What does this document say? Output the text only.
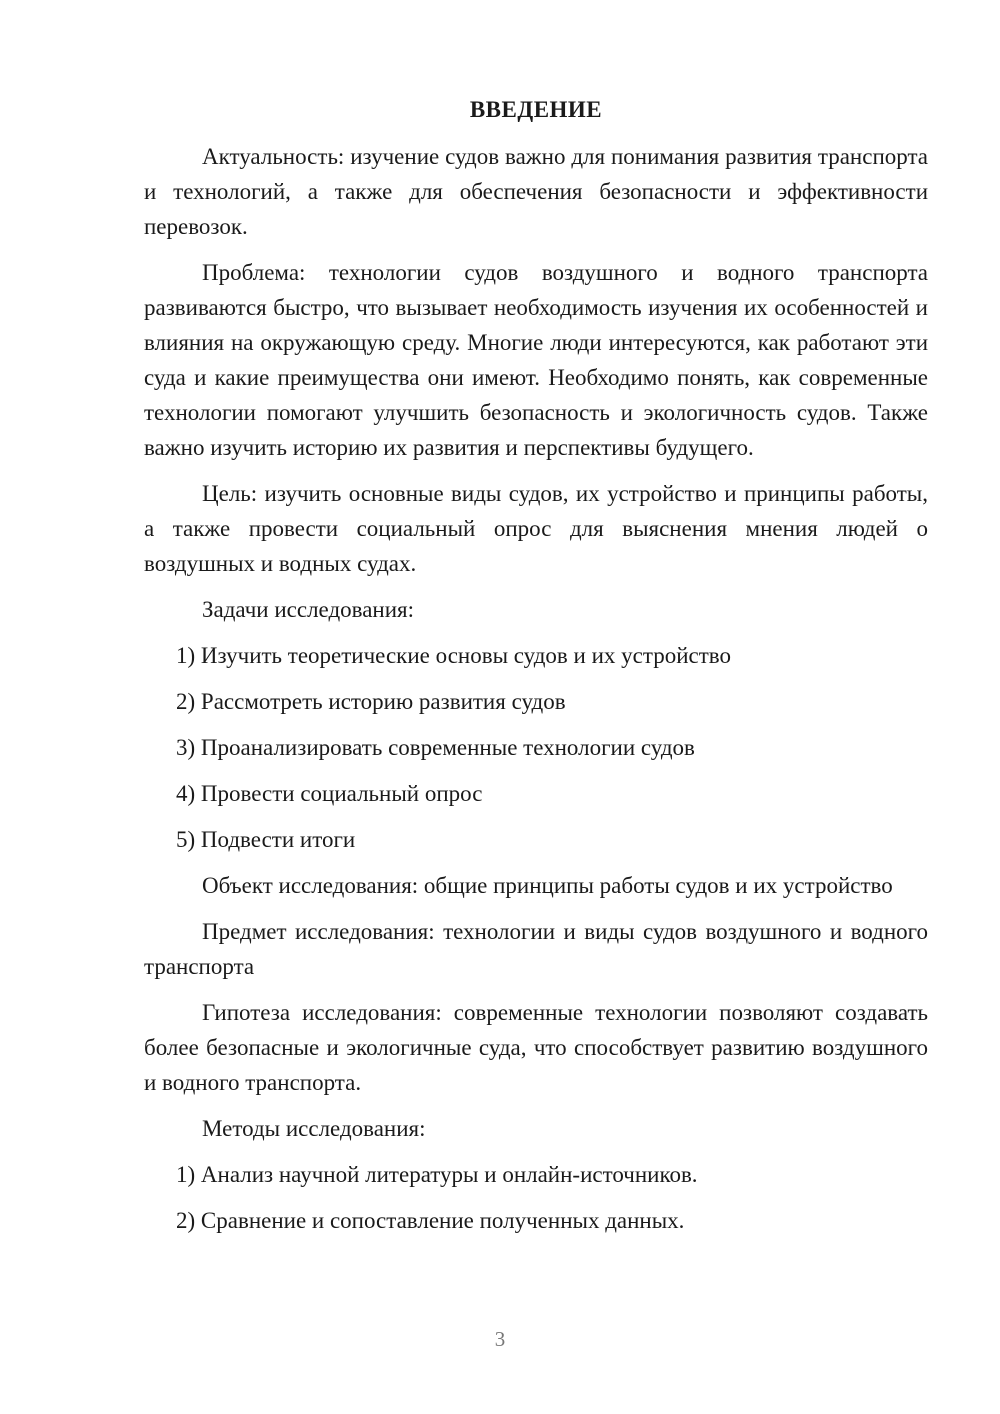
ВВЕДЕНИЕ

Актуальность: изучение судов важно для понимания развития транспорта и технологий, а также для обеспечения безопасности и эффективности перевозок.

Проблема: технологии судов воздушного и водного транспорта развиваются быстро, что вызывает необходимость изучения их особенностей и влияния на окружающую среду. Многие люди интересуются, как работают эти суда и какие преимущества они имеют. Необходимо понять, как современные технологии помогают улучшить безопасность и экологичность судов. Также важно изучить историю их развития и перспективы будущего.

Цель: изучить основные виды судов, их устройство и принципы работы, а также провести социальный опрос для выяснения мнения людей о воздушных и водных судах.

Задачи исследования:

1) Изучить теоретические основы судов и их устройство

2) Рассмотреть историю развития судов

3) Проанализировать современные технологии судов

4) Провести социальный опрос

5) Подвести итоги

Объект исследования: общие принципы работы судов и их устройство

Предмет исследования: технологии и виды судов воздушного и водного транспорта

Гипотеза исследования: современные технологии позволяют создавать более безопасные и экологичные суда, что способствует развитию воздушного и водного транспорта.

Методы исследования:

1) Анализ научной литературы и онлайн-источников.

2) Сравнение и сопоставление полученных данных.

3
